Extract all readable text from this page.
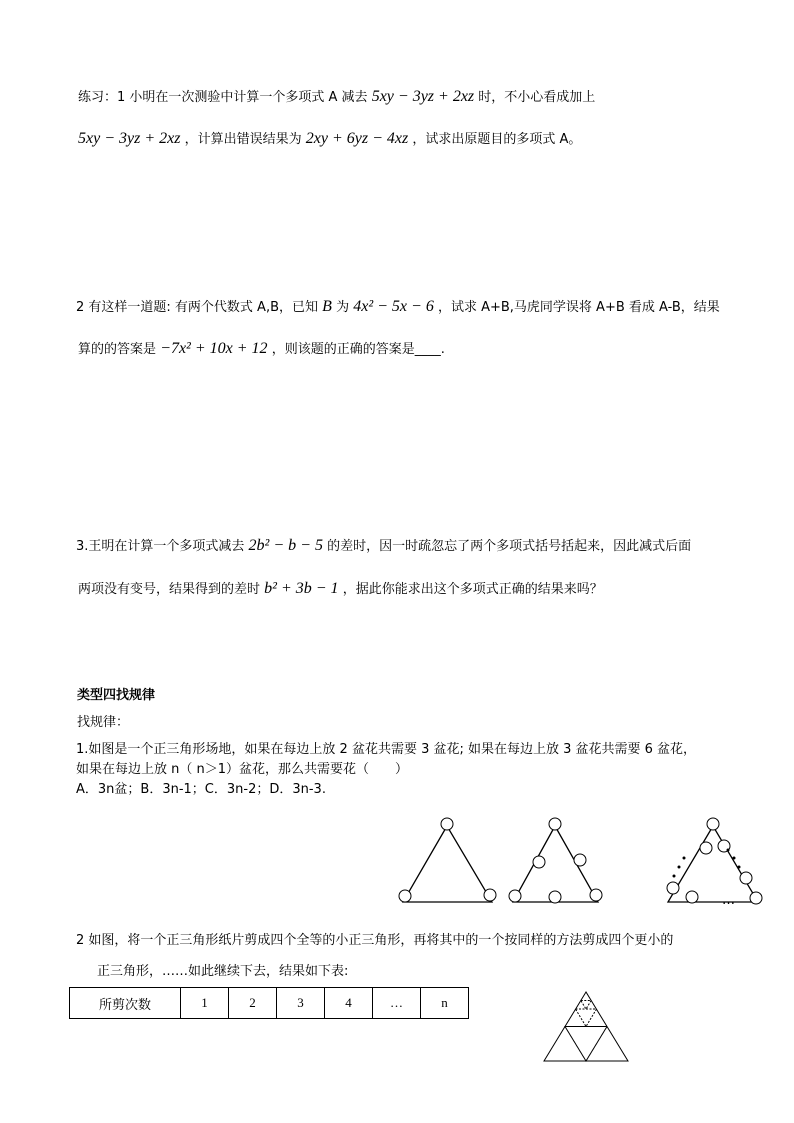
练习：1 小明在一次测验中计算一个多项式 A 减去 5xy − 3yz + 2xz 时，不小心看成加上
5xy − 3yz + 2xz ，计算出错误结果为 2xy + 6yz − 4xz ，试求出原题目的多项式 A。
2 有这样一道题: 有两个代数式 A,B，已知 B 为 4x² − 5x − 6 ，试求 A+B,马虎同学误将 A+B 看成 A-B，结果
算的的答案是 −7x² + 10x + 12 ，则该题的正确的答案是____.
3.王明在计算一个多项式减去 2b² − b − 5 的差时，因一时疏忽忘了两个多项式括号括起来，因此减式后面
两项没有变号，结果得到的差时 b² + 3b − 1 ，据此你能求出这个多项式正确的结果来吗？
类型四找规律
找规律：
1.如图是一个正三角形场地，如果在每边上放 2 盆花共需要 3 盆花; 如果在每边上放 3 盆花共需要 6 盆花，
如果在每边上放 n（ n＞1）盆花，那么共需要花（　　）
A．3n盆；B．3n-1；C．3n-2；D．3n-3.
…
2 如图，将一个正三角形纸片剪成四个全等的小正三角形，再将其中的一个按同样的方法剪成四个更小的
正三角形，……如此继续下去，结果如下表:
所剪次数	1	2	3	4	…	n
